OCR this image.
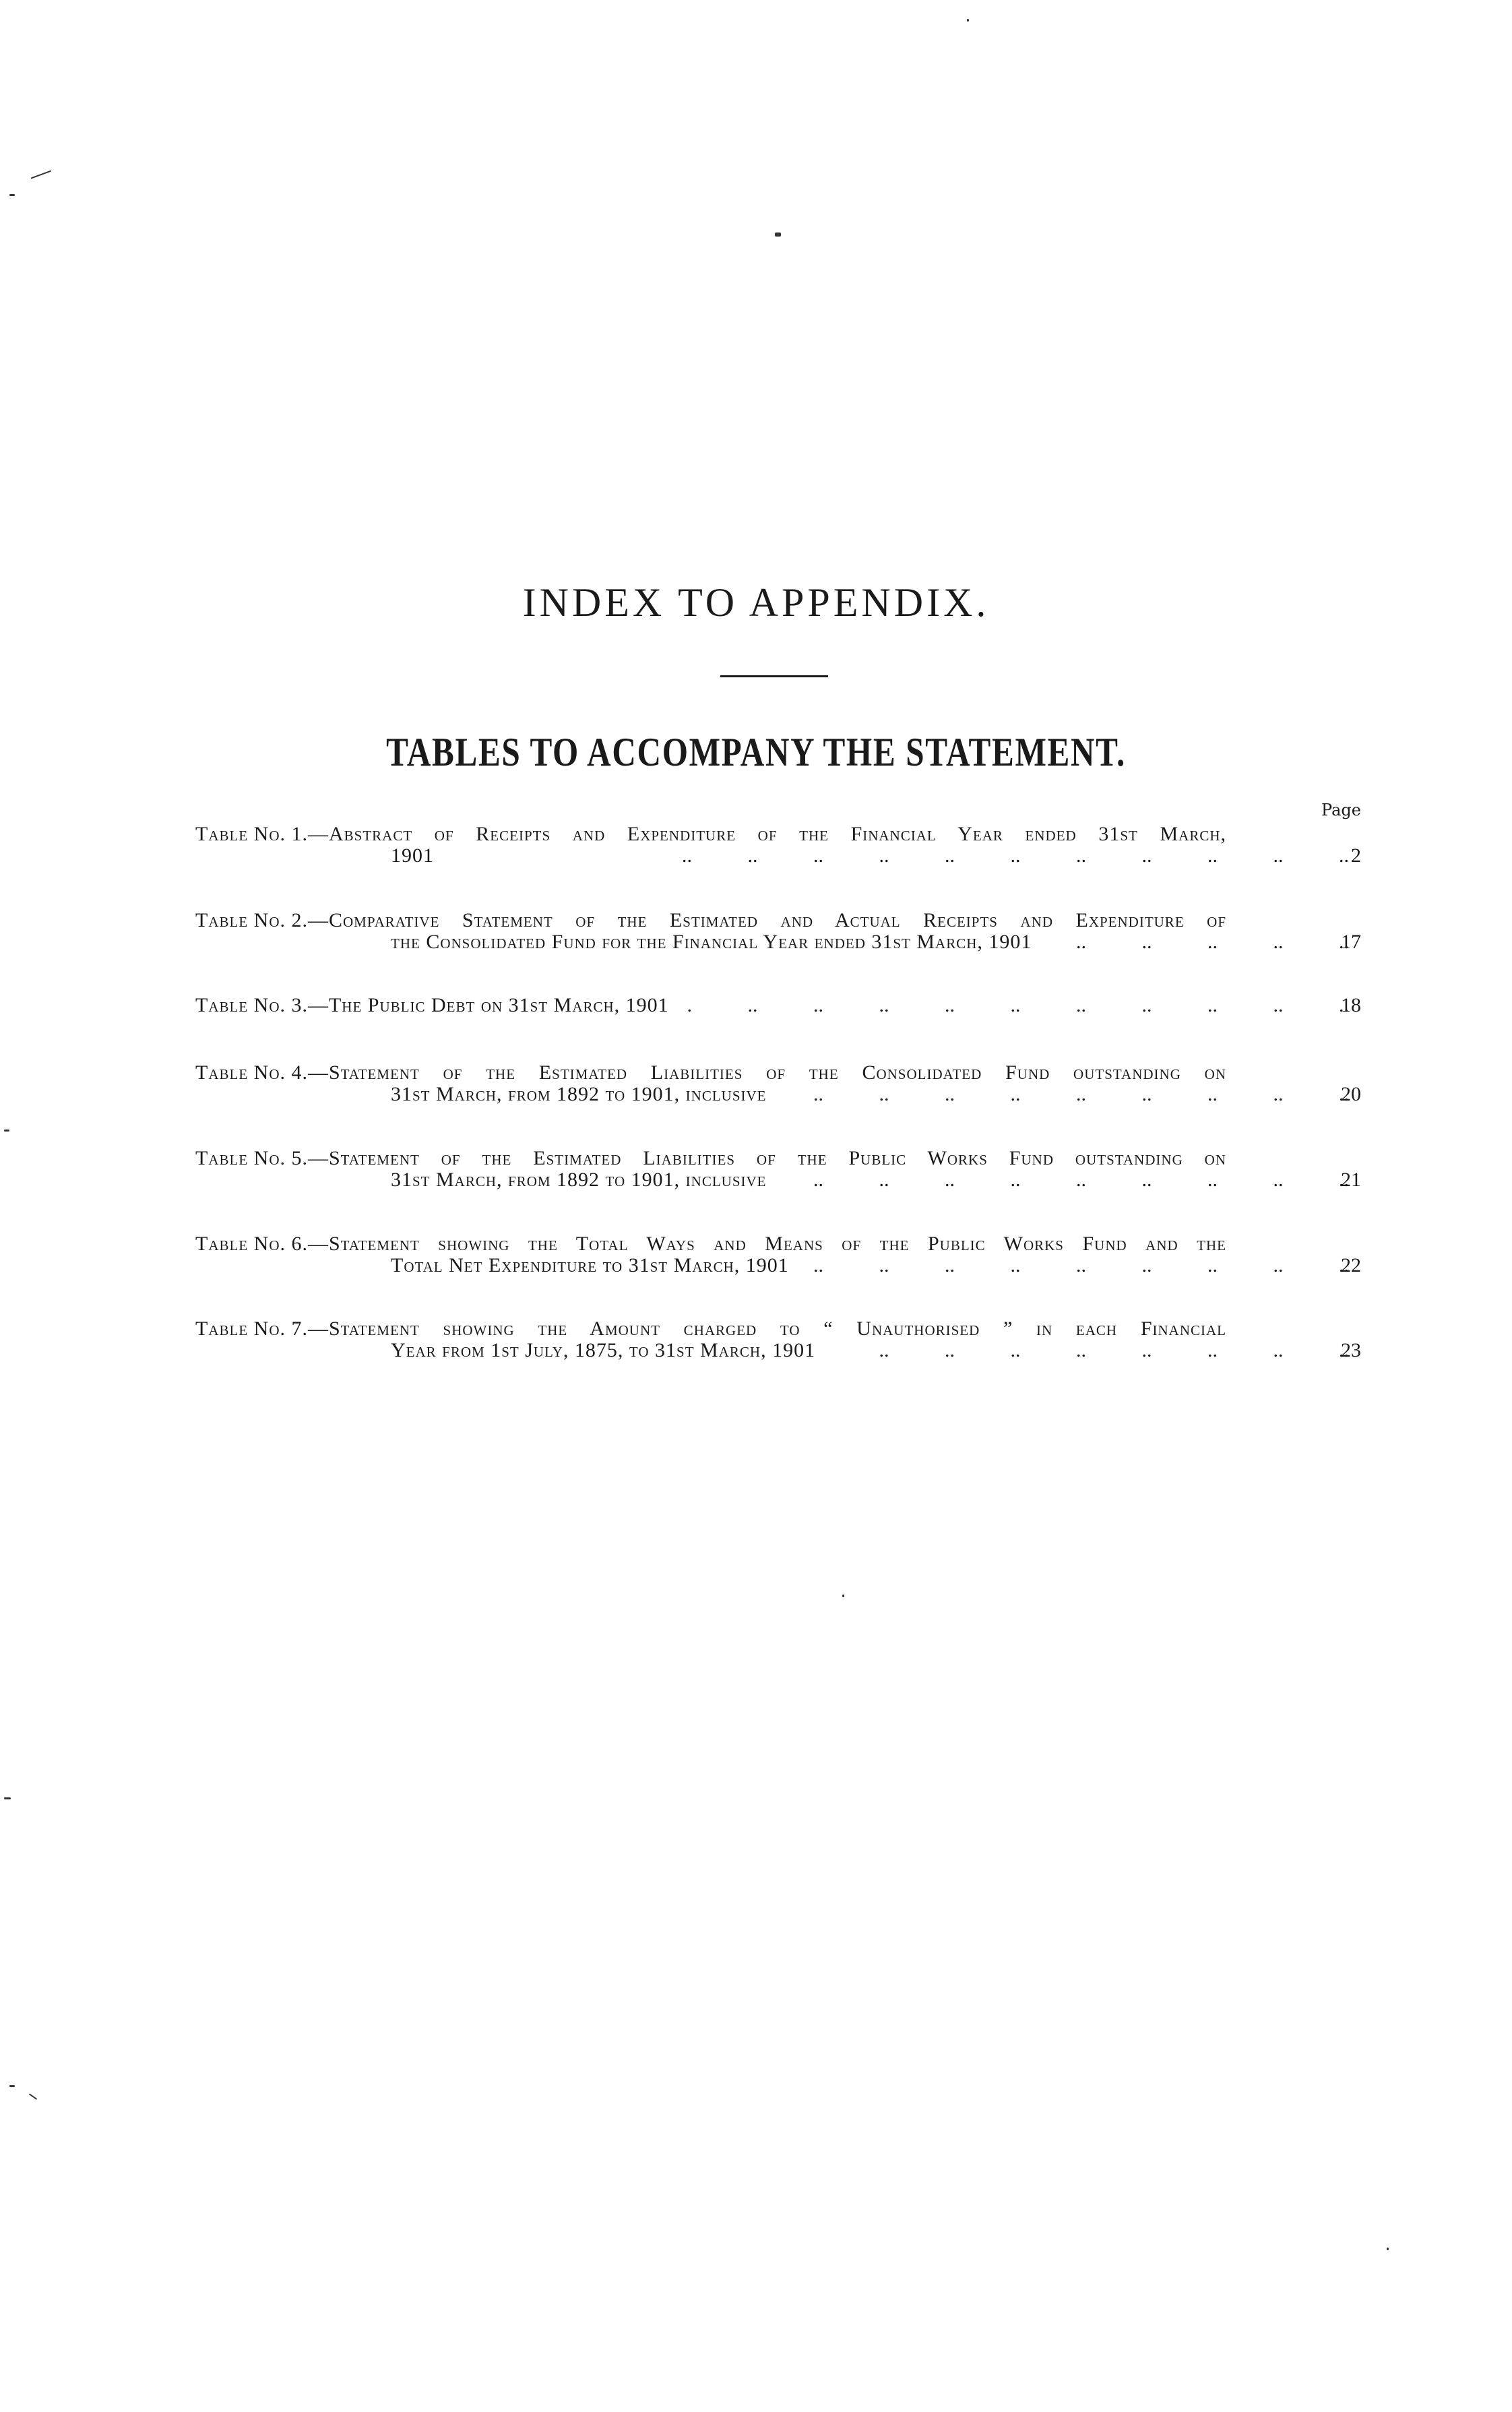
INDEX TO APPENDIX.
TABLES TO ACCOMPANY THE STATEMENT.
Page
Table No. 1. —Abstract of Receipts and Expenditure of the Financial Year ended 31st March,
1901 ..	2
Table No. 2. —Comparative Statement of the Estimated and Actual Receipts and Expenditure of
the Consolidated Fund for the Financial Year ended 31st March, 1901 ..	17
Table No. 3. —The Public Debt on 31st March, 1901 ..	18
Table No. 4. —Statement of the Estimated Liabilities of the Consolidated Fund outstanding on
31st March, from 1892 to 1901, inclusive ..	20
Table No. 5. —Statement of the Estimated Liabilities of the Public Works Fund outstanding on
31st March, from 1892 to 1901, inclusive ..	21
Table No. 6. —Statement showing the Total Ways and Means of the Public Works Fund and the
Total Net Expenditure to 31st March, 1901 ..	22
Table No. 7. —Statement showing the Amount charged to “ Unauthorised ” in each Financial
Year from 1st July, 1875, to 31st March, 1901 ..	23
